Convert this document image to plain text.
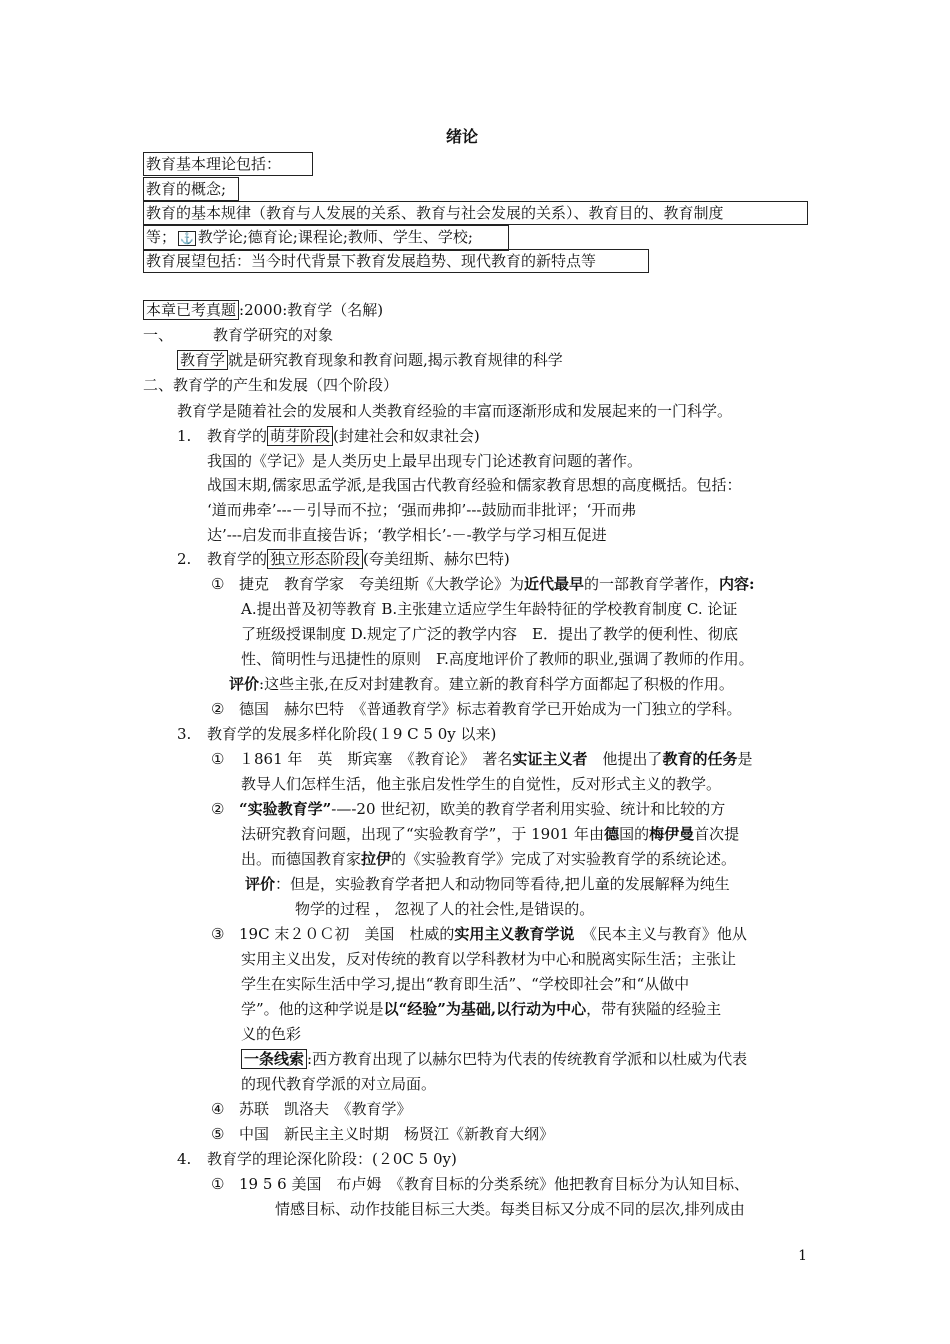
绪论
教育基本理论包括：
教育的概念;
教育的基本规律（教育与人发展的关系、教育与社会发展的关系）、教育目的、教育制度
等； ⚓ 教学论;德育论;课程论;教师、学生、学校;
教育展望包括：当今时代背景下教育发展趋势、现代教育的新特点等
本章已考真题 :2000:教育学（名解)
一、	教育学研究的对象
教育学 就是研究教育现象和教育问题,揭示教育规律的科学
二、教育学的产生和发展（四个阶段）
教育学是随着社会的发展和人类教育经验的丰富而逐渐形成和发展起来的一门科学。
1. 教育学的 萌芽阶段 (封建社会和奴隶社会)
我国的《学记》是人类历史上最早出现专门论述教育问题的著作。
战国末期,儒家思孟学派,是我国古代教育经验和儒家教育思想的高度概括。包括：
‘道而弗牵’---－引导而不拉；‘强而弗抑’---鼓励而非批评；‘开而弗
达’---启发而非直接告诉；‘教学相长’-－-教学与学习相互促进
2. 教育学的 独立形态阶段 (夸美纽斯、赫尔巴特)
① 捷克　教育学家　夸美纽斯《大教学论》为近代最早的一部教育学著作，内容:
A.提出普及初等教育 B.主张建立适应学生年龄特征的学校教育制度 C. 论证
了班级授课制度 D.规定了广泛的教学内容　E．提出了教学的便利性、彻底
性、简明性与迅捷性的原则　F.高度地评价了教师的职业,强调了教师的作用。
评价:这些主张,在反对封建教育。建立新的教育科学方面都起了积极的作用。
② 德国　赫尔巴特　《普通教育学》标志着教育学已开始成为一门独立的学科。
3. 教育学的发展多样化阶段(１9 C 5 0y 以来)
① １861 年　英　斯宾塞　《教育论》　著名实证主义者　他提出了教育的任务是
教导人们怎样生活，他主张启发性学生的自觉性，反对形式主义的教学。
② “实验教育学”-—-20 世纪初，欧美的教育学者利用实验、统计和比较的方
法研究教育问题，出现了“实验教育学”，于 1901 年由德国的梅伊曼首次提
出。而德国教育家拉伊的《实验教育学》完成了对实验教育学的系统论述。
评价：但是，实验教育学者把人和动物同等看待,把儿童的发展解释为纯生
物学的过程 ， 忽视了人的社会性,是错误的。
③ 19C 末２０Ｃ初　美国　杜威的实用主义教育学说　《民本主义与教育》他从
实用主义出发，反对传统的教育以学科教材为中心和脱离实际生活；主张让
学生在实际生活中学习,提出“教育即生活”、“学校即社会”和“从做中
学”。他的这种学说是以“经验”为基础,以行动为中心，带有狭隘的经验主
义的色彩
一条线索 :西方教育出现了以赫尔巴特为代表的传统教育学派和以杜威为代表
的现代教育学派的对立局面。
④ 苏联　凯洛夫　《教育学》
⑤ 中国　新民主主义时期　杨贤江《新教育大纲》
4. 教育学的理论深化阶段：(２0C 5 0y)
① 19 5 6 美国　布卢姆　《教育目标的分类系统》他把教育目标分为认知目标、
情感目标、动作技能目标三大类。每类目标又分成不同的层次,排列成由
1
